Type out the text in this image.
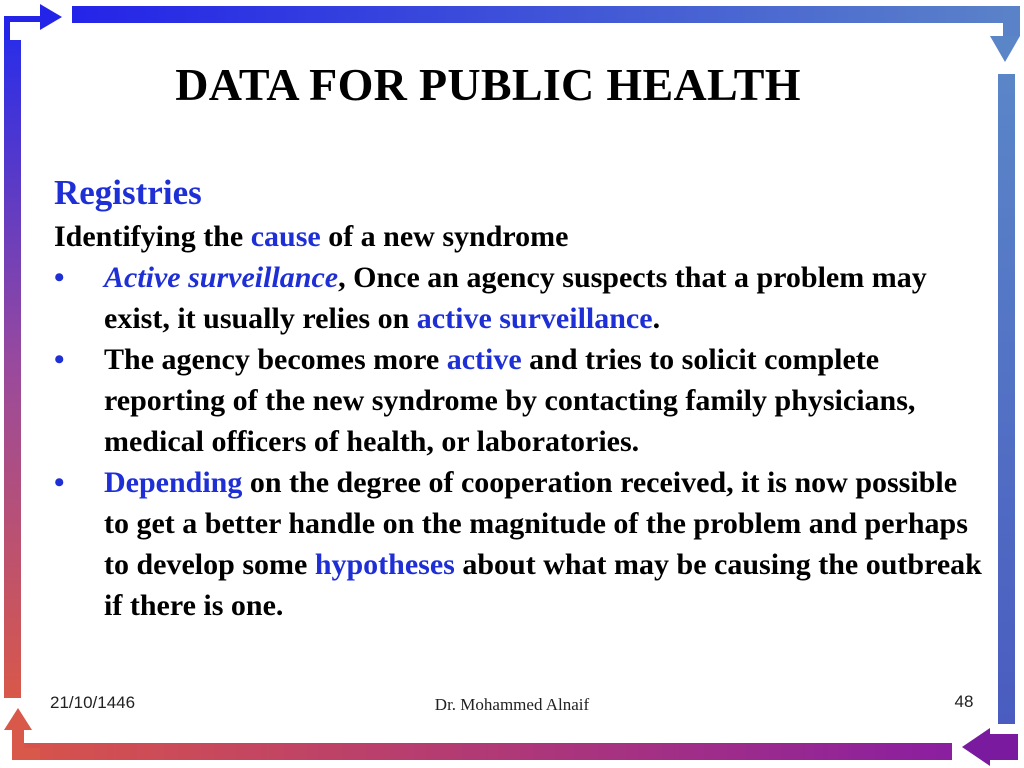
DATA FOR PUBLIC HEALTH
Registries
Identifying the cause of a new syndrome
•	Active surveillance, Once an agency suspects that a problem may exist, it usually relies on active surveillance.
•	The agency becomes more active and tries to solicit complete reporting of the new syndrome by contacting family physicians, medical officers of health, or laboratories.
•	Depending on the degree of cooperation received, it is now possible to get a better handle on the magnitude of the problem and perhaps to develop some hypotheses about what may be causing the outbreak if there is one.
21/10/1446	Dr. Mohammed Alnaif	48
